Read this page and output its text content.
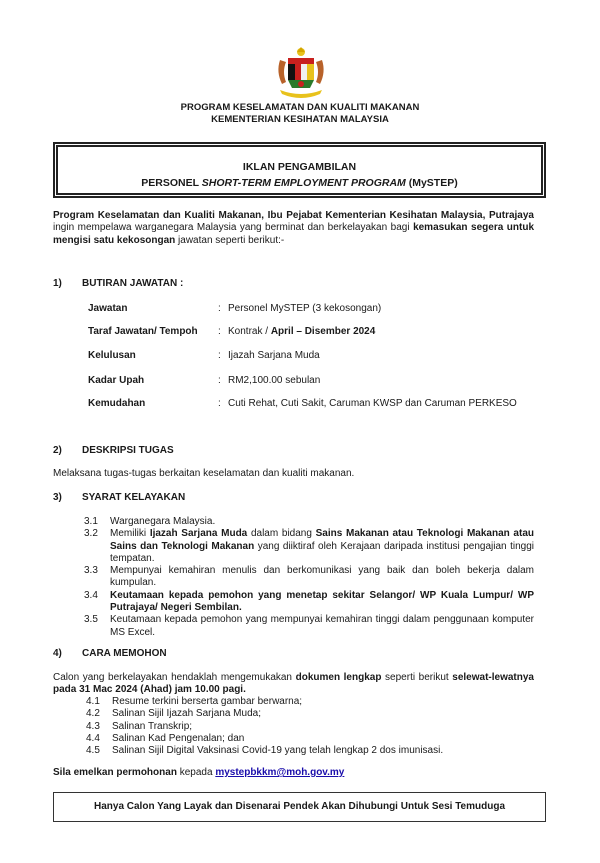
PROGRAM KESELAMATAN DAN KUALITI MAKANAN
KEMENTERIAN KESIHATAN MALAYSIA
IKLAN PENGAMBILAN
PERSONEL SHORT-TERM EMPLOYMENT PROGRAM (MySTEP)
Program Keselamatan dan Kualiti Makanan, Ibu Pejabat Kementerian Kesihatan Malaysia, Putrajaya ingin mempelawa warganegara Malaysia yang berminat dan berkelayakan bagi kemasukan segera untuk mengisi satu kekosongan jawatan seperti berikut:-
1) BUTIRAN JAWATAN :
Jawatan	: Personel MySTEP (3 kekosongan)
Taraf Jawatan/ Tempoh	: Kontrak / April – Disember 2024
Kelulusan	: Ijazah Sarjana Muda
Kadar Upah	: RM2,100.00 sebulan
Kemudahan	: Cuti Rehat, Cuti Sakit, Caruman KWSP dan Caruman PERKESO
2) DESKRIPSI TUGAS
Melaksana tugas-tugas berkaitan keselamatan dan kualiti makanan.
3) SYARAT KELAYAKAN
3.1	Warganegara Malaysia.
3.2	Memiliki Ijazah Sarjana Muda dalam bidang Sains Makanan atau Teknologi Makanan atau Sains dan Teknologi Makanan yang diiktiraf oleh Kerajaan daripada institusi pengajian tinggi tempatan.
3.3	Mempunyai kemahiran menulis dan berkomunikasi yang baik dan boleh bekerja dalam kumpulan.
3.4	Keutamaan kepada pemohon yang menetap sekitar Selangor/ WP Kuala Lumpur/ WP Putrajaya/ Negeri Sembilan.
3.5	Keutamaan kepada pemohon yang mempunyai kemahiran tinggi dalam penggunaan komputer MS Excel.
4) CARA MEMOHON
Calon yang berkelayakan hendaklah mengemukakan dokumen lengkap seperti berikut selewat-lewatnya pada 31 Mac 2024 (Ahad) jam 10.00 pagi.
4.1	Resume terkini berserta gambar berwarna;
4.2	Salinan Sijil Ijazah Sarjana Muda;
4.3	Salinan Transkrip;
4.4	Salinan Kad Pengenalan; dan
4.5	Salinan Sijil Digital Vaksinasi Covid-19 yang telah lengkap 2 dos imunisasi.
Sila emelkan permohonan kepada mystepbkkm@moh.gov.my
Hanya Calon Yang Layak dan Disenarai Pendek Akan Dihubungi Untuk Sesi Temuduga
